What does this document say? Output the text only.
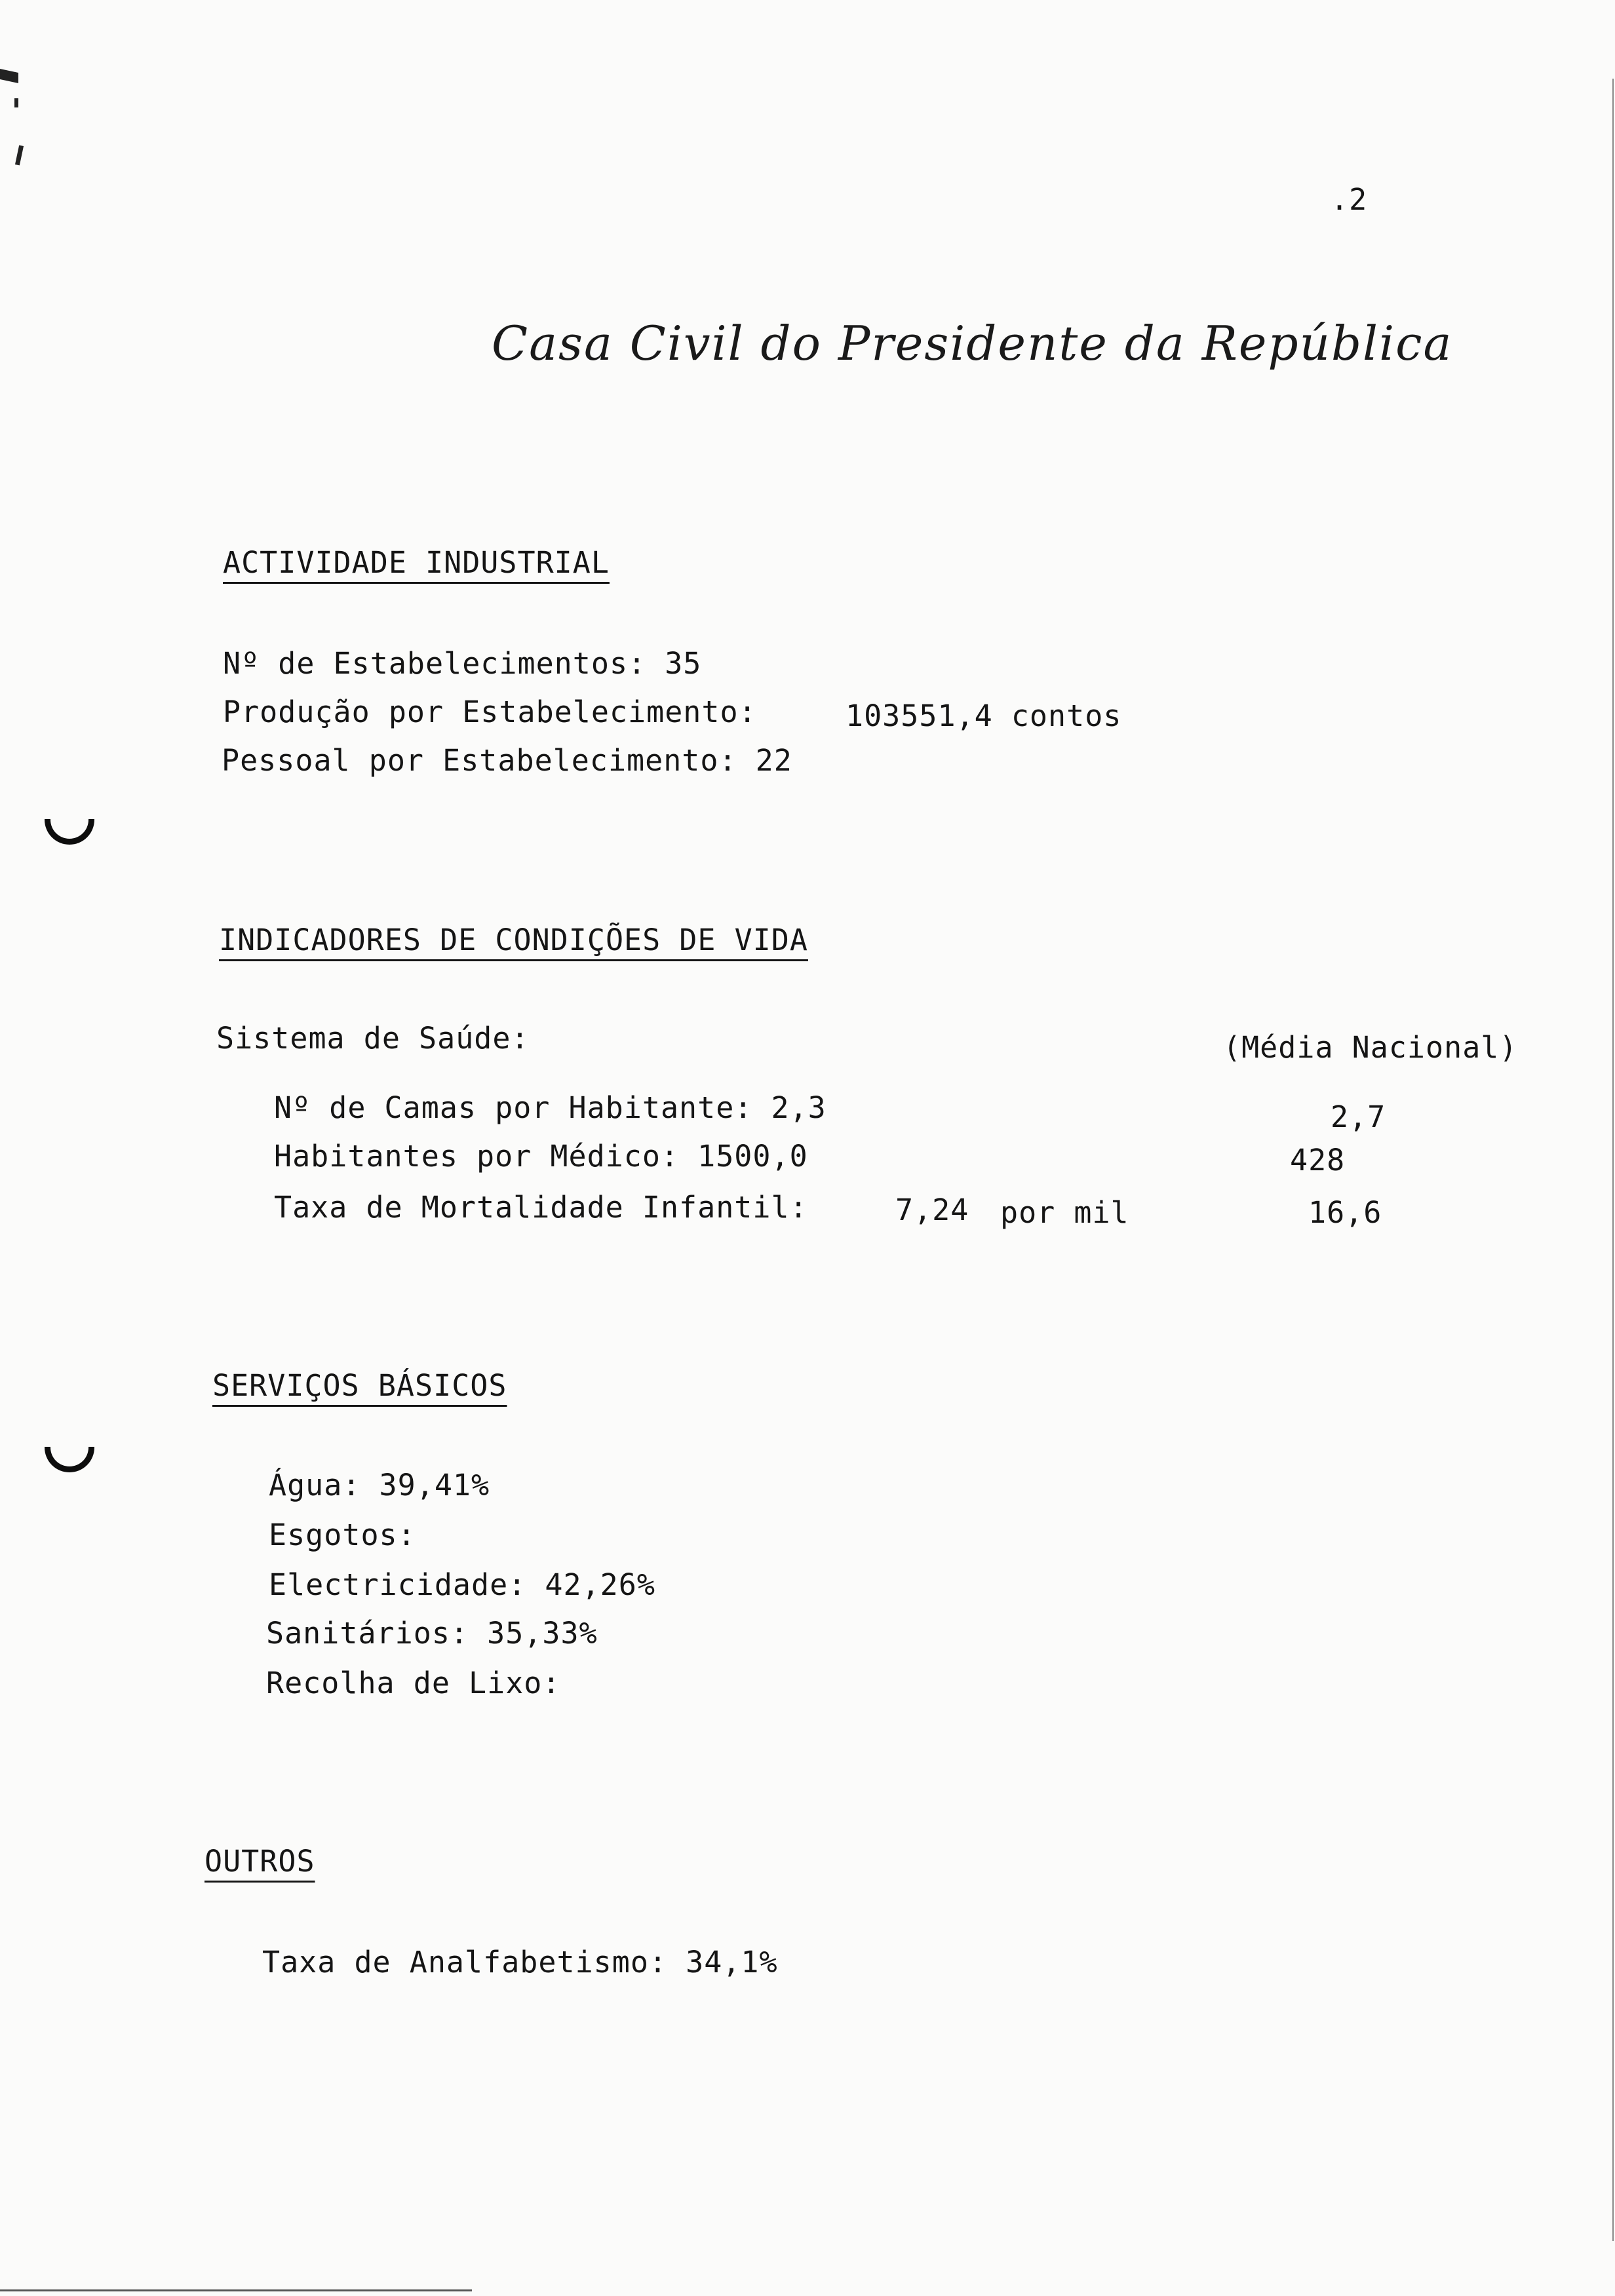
.2
Casa Civil do Presidente da República
ACTIVIDADE INDUSTRIAL
Nº de Estabelecimentos: 35
Produção por Estabelecimento:	103551,4 contos
Pessoal por Estabelecimento: 22
INDICADORES DE CONDIÇÕES DE VIDA
Sistema de Saúde:	(Média Nacional)
Nº de Camas por Habitante: 2,3	2,7
Habitantes por Médico: 1500,0	428
Taxa de Mortalidade Infantil:	7,24 por mil	16,6
SERVIÇOS BÁSICOS
Água: 39,41%
Esgotos:
Electricidade: 42,26%
Sanitários: 35,33%
Recolha de Lixo:
OUTROS
Taxa de Analfabetismo: 34,1%
